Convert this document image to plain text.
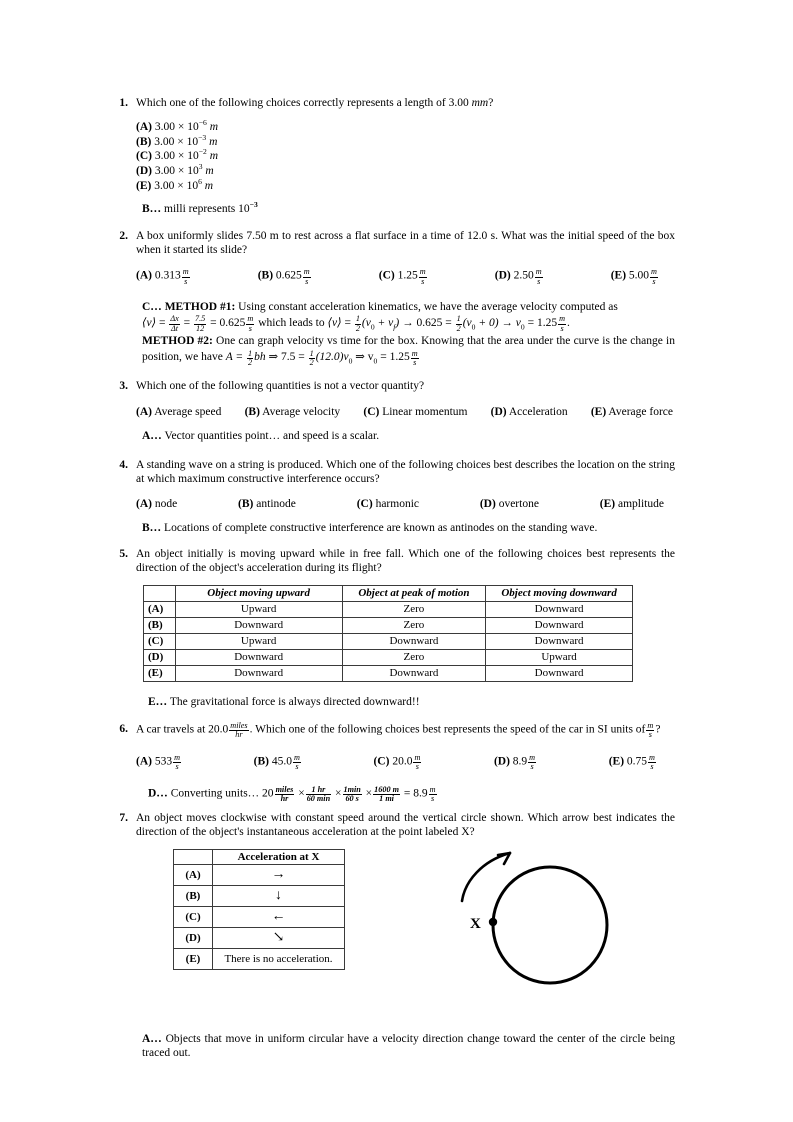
1. Which one of the following choices correctly represents a length of 3.00 mm?
(A) $3.00 \times 10^{-6}$ m
(B) $3.00 \times 10^{-3}$ m
(C) $3.00 \times 10^{-2}$ m
(D) $3.00 \times 10^3$ m
(E) $3.00 \times 10^6$ m
B… milli represents $10^{-3}$
2. A box uniformly slides 7.50 m to rest across a flat surface in a time of 12.0 s. What was the initial speed of the box when it started its slide?
(A) $0.313 \frac{m}{s}$	(B) $0.625 \frac{m}{s}$	(C) $1.25 \frac{m}{s}$	(D) $2.50 \frac{m}{s}$	(E) $5.00 \frac{m}{s}$
C… METHOD #1: Using constant acceleration kinematics, we have the average velocity computed as
⟨v⟩ = $\frac{\Delta x}{\Delta t} = \frac{7.5}{12} = 0.625 \frac{m}{s}$ which leads to ⟨v⟩ = $\frac{1}{2} (v_0 + v_f) \to 0.625 = \frac{1}{2} (v_0 + 0) \to v_0 = 1.25 \frac{m}{s}$ .
METHOD #2: One can graph velocity vs time for the box. Knowing that the area under the curve is the change in position, we have $A = \frac{1}{2}$ bh ⇒ $7.5 = \frac{1}{2} (12.0)v_0$ ⇒ $v_0 = 1.25 \frac{m}{s}$
3. Which one of the following quantities is not a vector quantity?
(A) Average speed (B) Average velocity (C) Linear momentum (D) Acceleration (E) Average force
A… Vector quantities point… and speed is a scalar.
4. A standing wave on a string is produced. Which one of the following choices best describes the location on the string at which maximum constructive interference occurs?
(A) node	(B) antinode	(C) harmonic	(D) overtone	(E) amplitude
B… Locations of complete constructive interference are known as antinodes on the standing wave.
5. An object initially is moving upward while in free fall. Which one of the following choices best represents the direction of the object's acceleration during its flight?
	Object moving upward	Object at peak of motion	Object moving downward
(A)	Upward	Zero	Downward
(B)	Downward	Zero	Downward
(C)	Upward	Downward	Downward
(D)	Downward	Zero	Upward
(E)	Downward	Downward	Downward
E… The gravitational force is always directed downward!!
6. A car travels at $20.0 \frac{\text{miles}}{hr}$ . Which one of the following choices best represents the speed of the car in SI units of $\frac{m}{s}$ ?
(A) $533 \frac{m}{s}$	(B) $45.0 \frac{m}{s}$	(C) $20.0 \frac{m}{s}$	(D) $8.9 \frac{m}{s}$	(E) $0.75 \frac{m}{s}$
D… Converting units… $20 \frac{\text{miles}}{hr} \times \frac{1 hr}{60 \min} \times \frac{1\min}{60 s} \times \frac{1600 m}{1 mi} = 8.9 \frac{m}{s}$
7. An object moves clockwise with constant speed around the vertical circle shown. Which arrow best indicates the direction of the object's instantaneous acceleration at the point labeled X?
	Acceleration at X
(A)	→
(B)	↓
(C)	←
(D)	↘
(E)	There is no acceleration.
X
A… Objects that move in uniform circular have a velocity direction change toward the center of the circle being traced out.
